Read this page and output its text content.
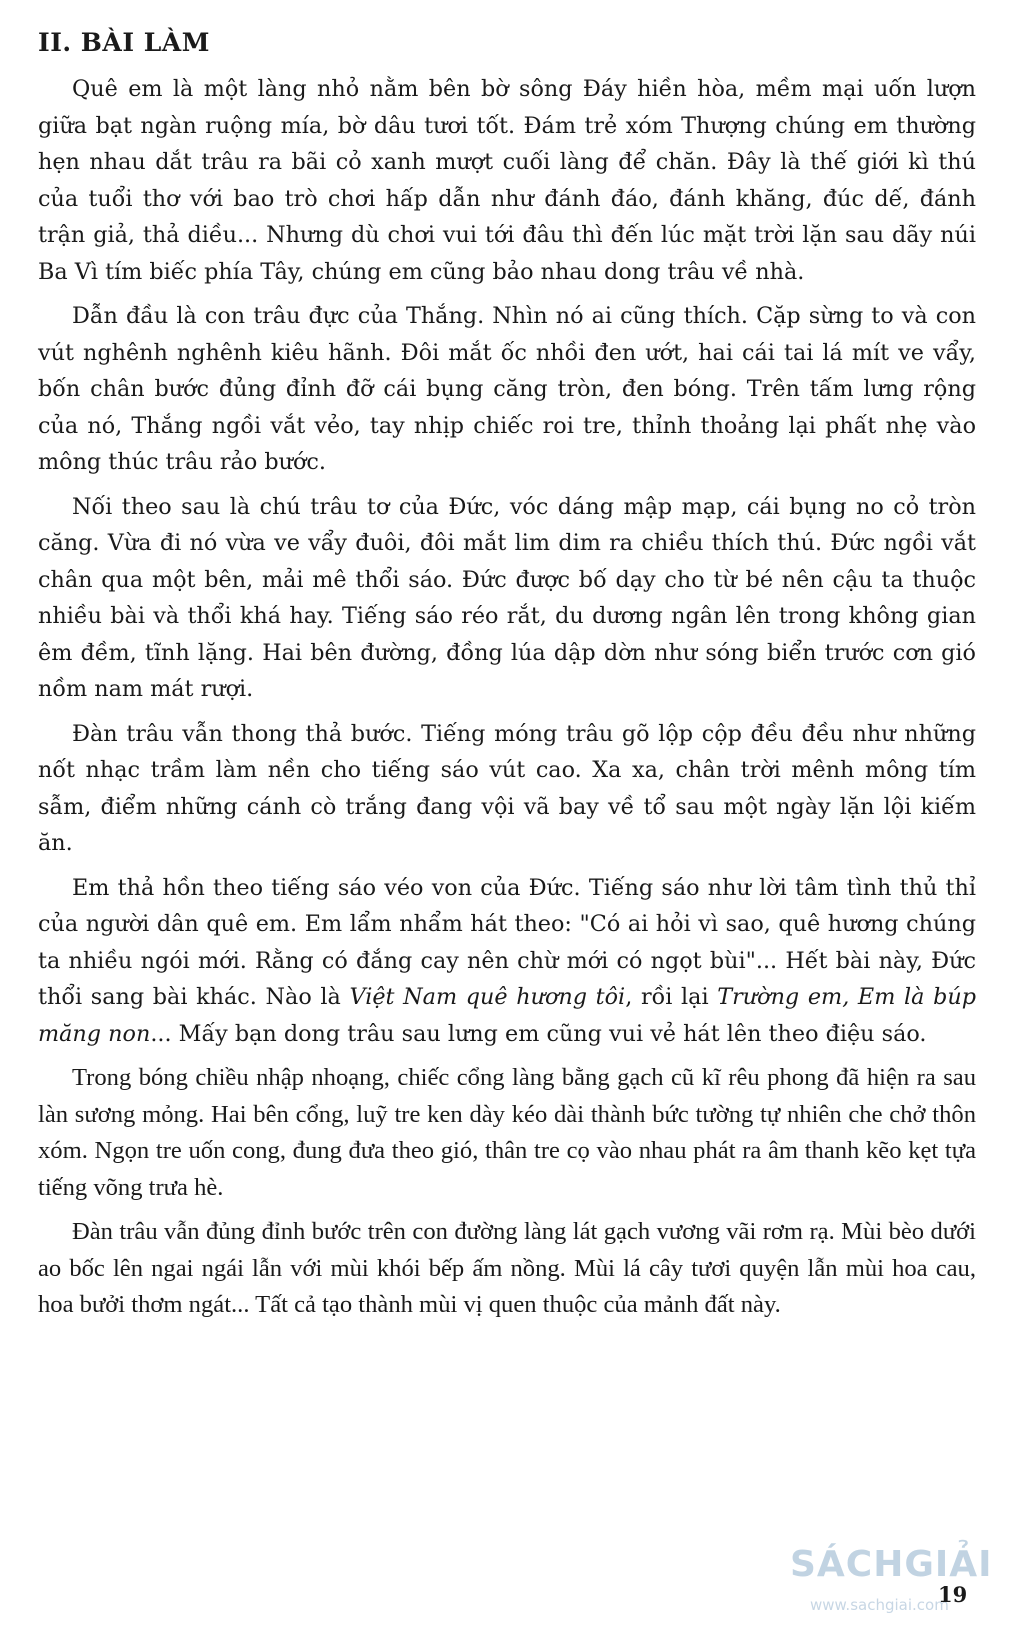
II. BÀI LÀM

Quê em là một làng nhỏ nằm bên bờ sông Đáy hiền hòa, mềm mại uốn lượn giữa bạt ngàn ruộng mía, bờ dâu tươi tốt. Đám trẻ xóm Thượng chúng em thường hẹn nhau dắt trâu ra bãi cỏ xanh mượt cuối làng để chăn. Đây là thế giới kì thú của tuổi thơ với bao trò chơi hấp dẫn như đánh đáo, đánh khăng, đúc dế, đánh trận giả, thả diều... Nhưng dù chơi vui tới đâu thì đến lúc mặt trời lặn sau dãy núi Ba Vì tím biếc phía Tây, chúng em cũng bảo nhau dong trâu về nhà.

Dẫn đầu là con trâu đực của Thắng. Nhìn nó ai cũng thích. Cặp sừng to và con vút nghênh nghênh kiêu hãnh. Đôi mắt ốc nhồi đen ướt, hai cái tai lá mít ve vẩy, bốn chân bước đủng đỉnh đỡ cái bụng căng tròn, đen bóng. Trên tấm lưng rộng của nó, Thắng ngồi vắt vẻo, tay nhịp chiếc roi tre, thỉnh thoảng lại phất nhẹ vào mông thúc trâu rảo bước.

Nối theo sau là chú trâu tơ của Đức, vóc dáng mập mạp, cái bụng no cỏ tròn căng. Vừa đi nó vừa ve vẩy đuôi, đôi mắt lim dim ra chiều thích thú. Đức ngồi vắt chân qua một bên, mải mê thổi sáo. Đức được bố dạy cho từ bé nên cậu ta thuộc nhiều bài và thổi khá hay. Tiếng sáo réo rắt, du dương ngân lên trong không gian êm đềm, tĩnh lặng. Hai bên đường, đồng lúa dập dờn như sóng biển trước cơn gió nồm nam mát rượi.

Đàn trâu vẫn thong thả bước. Tiếng móng trâu gõ lộp cộp đều đều như những nốt nhạc trầm làm nền cho tiếng sáo vút cao. Xa xa, chân trời mênh mông tím sẫm, điểm những cánh cò trắng đang vội vã bay về tổ sau một ngày lặn lội kiếm ăn.

Em thả hồn theo tiếng sáo véo von của Đức. Tiếng sáo như lời tâm tình thủ thỉ của người dân quê em. Em lẩm nhẩm hát theo: "Có ai hỏi vì sao, quê hương chúng ta nhiều ngói mới. Rằng có đắng cay nên chừ mới có ngọt bùi"... Hết bài này, Đức thổi sang bài khác. Nào là Việt Nam quê hương tôi, rồi lại Trường em, Em là búp măng non... Mấy bạn dong trâu sau lưng em cũng vui vẻ hát lên theo điệu sáo.

Trong bóng chiều nhập nhoạng, chiếc cổng làng bằng gạch cũ kĩ rêu phong đã hiện ra sau làn sương mỏng. Hai bên cổng, luỹ tre ken dày kéo dài thành bức tường tự nhiên che chở thôn xóm. Ngọn tre uốn cong, đung đưa theo gió, thân tre cọ vào nhau phát ra âm thanh kẽo kẹt tựa tiếng võng trưa hè.

Đàn trâu vẫn đủng đỉnh bước trên con đường làng lát gạch vương vãi rơm rạ. Mùi bèo dưới ao bốc lên ngai ngái lẫn với mùi khói bếp ấm nồng. Mùi lá cây tươi quyện lẫn mùi hoa cau, hoa bưởi thơm ngát... Tất cả tạo thành mùi vị quen thuộc của mảnh đất này.

SÁCHGIẢI
www.sachgiai.com
19
